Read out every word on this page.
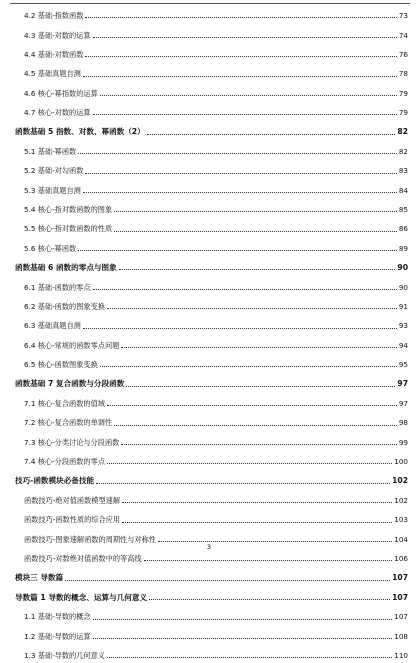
4.2 基础-指数函数	73
4.3 基础-对数的运算	74
4.4 基础-对数函数	76
4.5 基础真题自测	78
4.6 核心-幂指数的运算	79
4.7 核心-对数的运算	79
函数基础 5 指数、对数、幂函数（2）	82
5.1 基础-幂函数	82
5.2 基础-对勾函数	83
5.3 基础真题自测	84
5.4 核心-指对数函数的图象	85
5.5 核心-指对数函数的性质	86
5.6 核心-幂函数	89
函数基础 6 函数的零点与图象	90
6.1 基础-函数的零点	90
6.2 基础-函数的图象变换	91
6.3 基础真题自测	93
6.4 核心-常规的函数零点问题	94
6.5 核心-函数图象变换	95
函数基础 7 复合函数与分段函数	97
7.1 核心-复合函数的值域	97
7.2 核心-复合函数的单调性	98
7.3 核心-分类讨论与分段函数	99
7.4 核心-分段函数的零点	100
技巧-函数模块必备技能	102
函数技巧-绝对值函数模型速解	102
函数技巧-函数性质的综合应用	103
函数技巧-图象速解函数的周期性与对称性	104
函数技巧-对数绝对值函数中的等高线	106
模块三 导数篇	107
导数篇 1 导数的概念、运算与几何意义	107
1.1 基础-导数的概念	107
1.2 基础-导数的运算	108
1.3 基础-导数的几何意义	110
3
